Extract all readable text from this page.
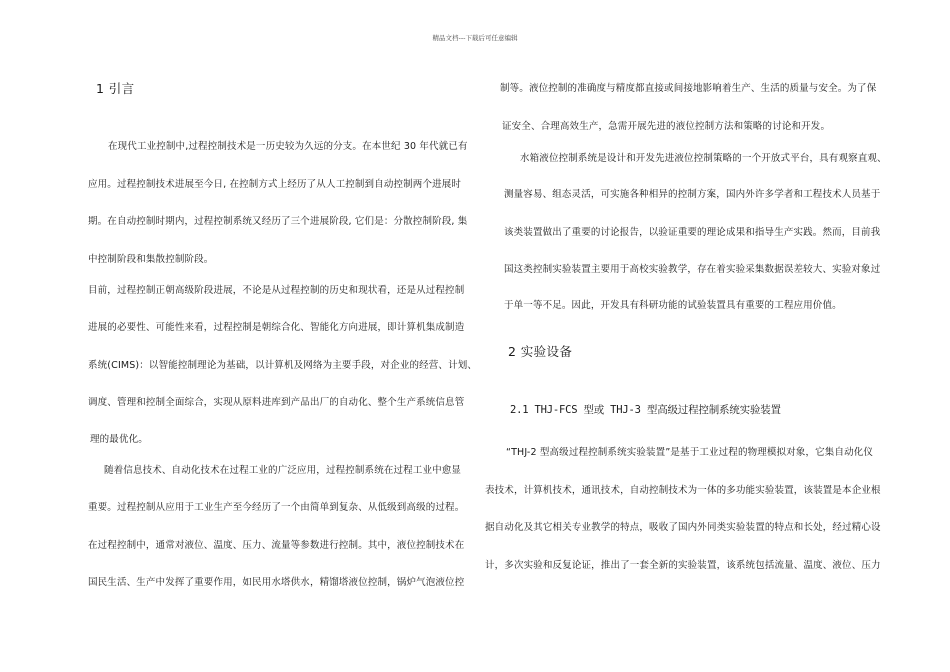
精品文档---下载后可任意编辑
1 引言
在现代工业控制中,过程控制技术是一历史较为久远的分支。在本世纪 30 年代就已有
应用。过程控制技术进展至今日, 在控制方式上经历了从人工控制到自动控制两个进展时
期。在自动控制时期内，过程控制系统又经历了三个进展阶段, 它们是：分散控制阶段, 集
中控制阶段和集散控制阶段。
目前，过程控制正朝高级阶段进展，不论是从过程控制的历史和现状看，还是从过程控制
进展的必要性、可能性来看，过程控制是朝综合化、智能化方向进展，即计算机集成制造
系统(CIMS)：以智能控制理论为基础，以计算机及网络为主要手段，对企业的经营、计划、
调度、管理和控制全面综合，实现从原料进库到产品出厂的自动化、整个生产系统信息管
理的最优化。
随着信息技术、自动化技术在过程工业的广泛应用，过程控制系统在过程工业中愈显
重要。过程控制从应用于工业生产至今经历了一个由简单到复杂、从低级到高级的过程。
在过程控制中，通常对液位、温度、压力、流量等参数进行控制。其中，液位控制技术在
国民生活、生产中发挥了重要作用，如民用水塔供水，精馏塔液位控制，锅炉气泡液位控
制等。液位控制的准确度与精度都直接或间接地影响着生产、生活的质量与安全。为了保
证安全、合理高效生产，急需开展先进的液位控制方法和策略的讨论和开发。
水箱液位控制系统是设计和开发先进液位控制策略的一个开放式平台，具有观察直观、
测量容易、组态灵活，可实施各种相异的控制方案，国内外许多学者和工程技术人员基于
该类装置做出了重要的讨论报告，以验证重要的理论成果和指导生产实践。然而，目前我
国这类控制实验装置主要用于高校实验教学，存在着实验采集数据误差较大、实验对象过
于单一等不足。因此，开发具有科研功能的试验装置具有重要的工程应用价值。
2 实验设备
2.1 THJ-FCS 型或 THJ-3 型高级过程控制系统实验装置
“THJ-2 型高级过程控制系统实验装置”是基于工业过程的物理模拟对象，它集自动化仪
表技术，计算机技术，通讯技术，自动控制技术为一体的多功能实验装置，该装置是本企业根
据自动化及其它相关专业教学的特点，吸收了国内外同类实验装置的特点和长处，经过精心设
计，多次实验和反复论证，推出了一套全新的实验装置，该系统包括流量、温度、液位、压力
